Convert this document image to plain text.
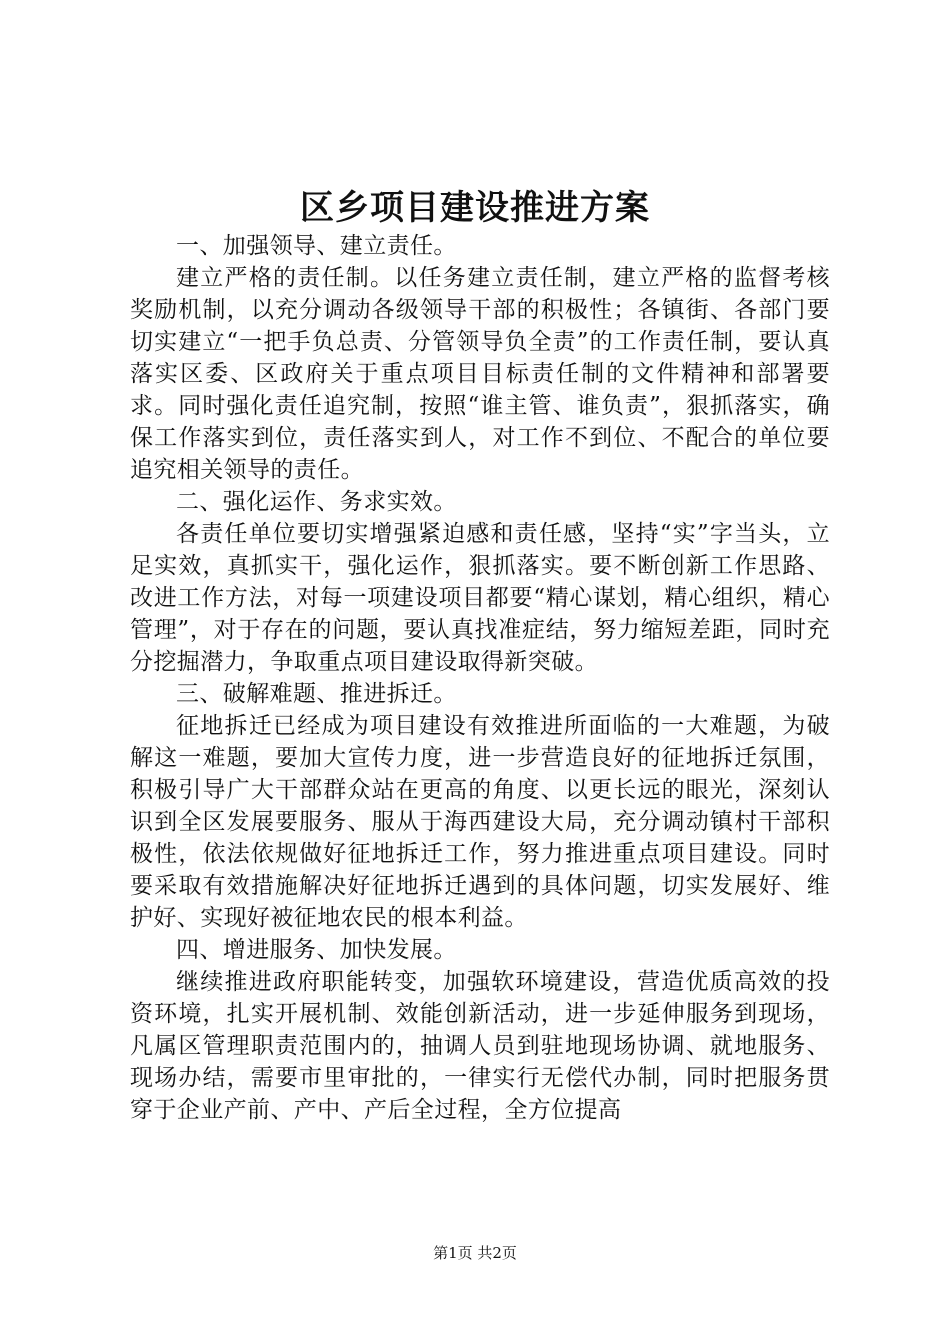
区乡项目建设推进方案

一、加强领导、建立责任。

建立严格的责任制。以任务建立责任制，建立严格的监督考核奖励机制，以充分调动各级领导干部的积极性；各镇街、各部门要切实建立“一把手负总责、分管领导负全责”的工作责任制，要认真落实区委、区政府关于重点项目目标责任制的文件精神和部署要求。同时强化责任追究制，按照“谁主管、谁负责”，狠抓落实，确保工作落实到位，责任落实到人，对工作不到位、不配合的单位要追究相关领导的责任。

二、强化运作、务求实效。

各责任单位要切实增强紧迫感和责任感，坚持“实”字当头，立足实效，真抓实干，强化运作，狠抓落实。要不断创新工作思路、改进工作方法，对每一项建设项目都要“精心谋划，精心组织，精心管理”，对于存在的问题，要认真找准症结，努力缩短差距，同时充分挖掘潜力，争取重点项目建设取得新突破。

三、破解难题、推进拆迁。

征地拆迁已经成为项目建设有效推进所面临的一大难题，为破解这一难题，要加大宣传力度，进一步营造良好的征地拆迁氛围，积极引导广大干部群众站在更高的角度、以更长远的眼光，深刻认识到全区发展要服务、服从于海西建设大局，充分调动镇村干部积极性，依法依规做好征地拆迁工作，努力推进重点项目建设。同时要采取有效措施解决好征地拆迁遇到的具体问题，切实发展好、维护好、实现好被征地农民的根本利益。

四、增进服务、加快发展。

继续推进政府职能转变，加强软环境建设，营造优质高效的投资环境，扎实开展机制、效能创新活动，进一步延伸服务到现场，凡属区管理职责范围内的，抽调人员到驻地现场协调、就地服务、现场办结，需要市里审批的，一律实行无偿代办制，同时把服务贯穿于企业产前、产中、产后全过程，全方位提高

第1页 共2页
